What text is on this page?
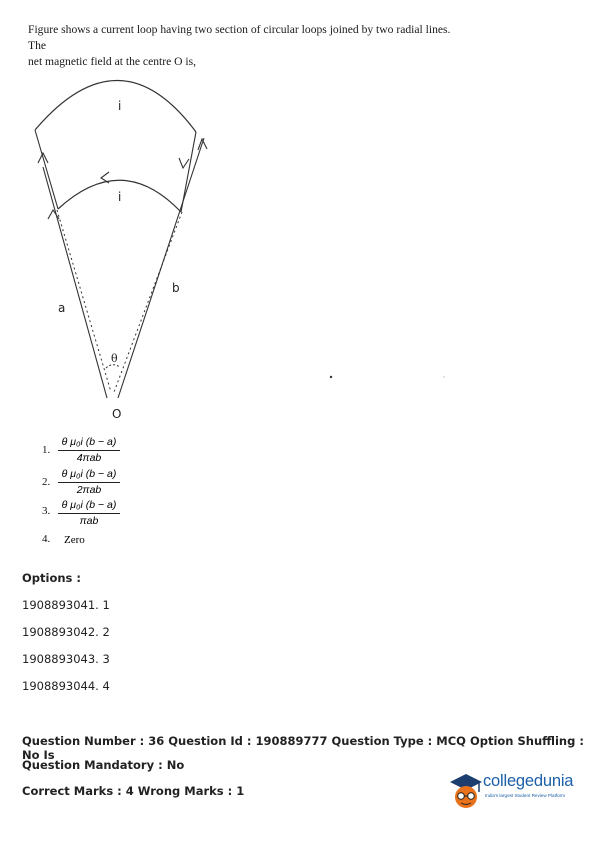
Figure shows a current loop having two section of circular loops joined by two radial lines. The
net magnetic field at the centre O is,
i
i
a
b
θ
O
1.
θ μ₀i (b − a)
4πab
2.
θ μ₀i (b − a)
2πab
3.	θ μ₀i (b − a)
πab
4. Zero
Options :
1908893041. 1
1908893042. 2
1908893043. 3
1908893044. 4
Question Number : 36 Question Id : 190889777 Question Type : MCQ Option Shuffling : No Is
Question Mandatory : No
Correct Marks : 4 Wrong Marks : 1
collegedunia
India's largest Student Review Platform
